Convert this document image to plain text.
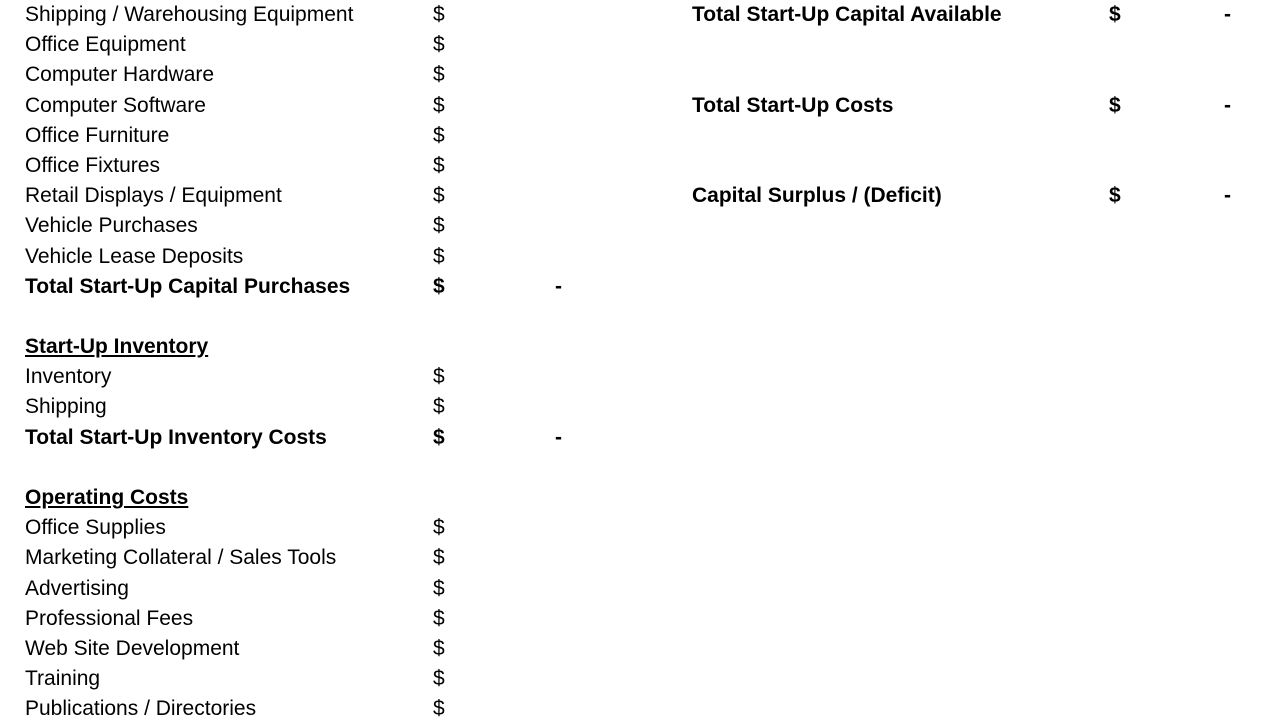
Shipping / Warehousing Equipment	$
Office Equipment	$
Computer Hardware	$
Computer Software	$
Office Furniture	$
Office Fixtures	$
Retail Displays / Equipment	$
Vehicle Purchases	$
Vehicle Lease Deposits	$
Total Start-Up Capital Purchases	$	-
Start-Up Inventory
Inventory	$
Shipping	$
Total Start-Up Inventory Costs	$	-
Operating Costs
Office Supplies	$
Marketing Collateral / Sales Tools	$
Advertising	$
Professional Fees	$
Web Site Development	$
Training	$
Publications / Directories	$
Total Start-Up Capital Available	$	-
Total Start-Up Costs	$	-
Capital Surplus / (Deficit)	$	-
